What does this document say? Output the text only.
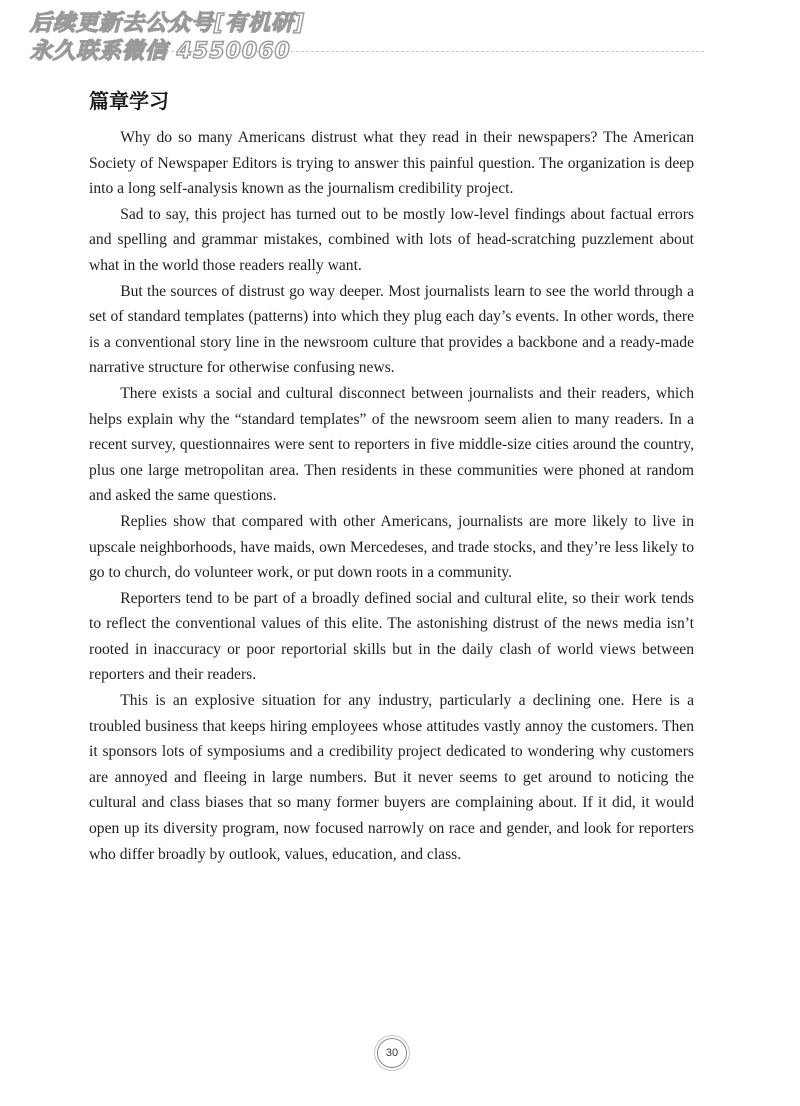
后续更新去公众号[有机研]
永久联系微信 4550060
篇章学习

Why do so many Americans distrust what they read in their newspapers? The American Society of Newspaper Editors is trying to answer this painful question. The organization is deep into a long self-analysis known as the journalism credibility project.

Sad to say, this project has turned out to be mostly low-level findings about factual errors and spelling and grammar mistakes, combined with lots of head-scratching puzzlement about what in the world those readers really want.

But the sources of distrust go way deeper. Most journalists learn to see the world through a set of standard templates (patterns) into which they plug each day’s events. In other words, there is a conventional story line in the newsroom culture that provides a backbone and a ready-made narrative structure for otherwise confusing news.

There exists a social and cultural disconnect between journalists and their readers, which helps explain why the “standard templates” of the newsroom seem alien to many readers. In a recent survey, questionnaires were sent to reporters in five middle-size cities around the country, plus one large metropolitan area. Then residents in these communities were phoned at random and asked the same questions.

Replies show that compared with other Americans, journalists are more likely to live in upscale neighborhoods, have maids, own Mercedeses, and trade stocks, and they’re less likely to go to church, do volunteer work, or put down roots in a community.

Reporters tend to be part of a broadly defined social and cultural elite, so their work tends to reflect the conventional values of this elite. The astonishing distrust of the news media isn’t rooted in inaccuracy or poor reportorial skills but in the daily clash of world views between reporters and their readers.

This is an explosive situation for any industry, particularly a declining one. Here is a troubled business that keeps hiring employees whose attitudes vastly annoy the customers. Then it sponsors lots of symposiums and a credibility project dedicated to wondering why customers are annoyed and fleeing in large numbers. But it never seems to get around to noticing the cultural and class biases that so many former buyers are complaining about. If it did, it would open up its diversity program, now focused narrowly on race and gender, and look for reporters who differ broadly by outlook, values, education, and class.

30
